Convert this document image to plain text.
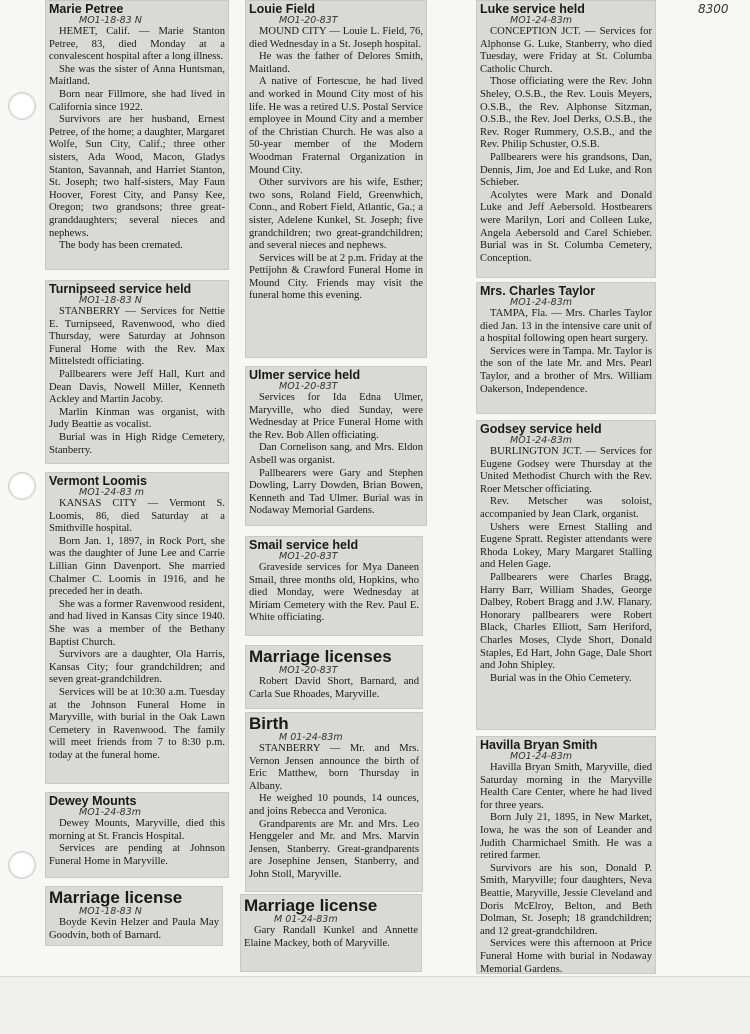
8300
Marie Petree
MO1-18-83 N

HEMET, Calif. — Marie Stanton Petree, 83, died Monday at a convalescent hospital after a long illness.

She was the sister of Anna Huntsman, Maitland.

Born near Fillmore, she had lived in California since 1922.

Survivors are her husband, Ernest Petree, of the home; a daughter, Margaret Wolfe, Sun City, Calif.; three other sisters, Ada Wood, Macon, Gladys Stanton, Savannah, and Harriet Stanton, St. Joseph; two half-sisters, May Faun Hoover, Forest City, and Pansy Kee, Oregon; two grandsons; three great-granddaughters; several nieces and nephews.

The body has been cremated.

Turnipseed service held
MO1-18-83 N

STANBERRY — Services for Nettie E. Turnipseed, Ravenwood, who died Thursday, were Saturday at Johnson Funeral Home with the Rev. Max Mittelstedt officiating.

Pallbearers were Jeff Hall, Kurt and Dean Davis, Nowell Miller, Kenneth Ackley and Martin Jacoby.

Marlin Kinman was organist, with Judy Beattie as vocalist.

Burial was in High Ridge Cemetery, Stanberry.

Vermont Loomis
MO1-24-83 m

KANSAS CITY — Vermont S. Loomis, 86, died Saturday at a Smithville hospital.

Born Jan. 1, 1897, in Rock Port, she was the daughter of June Lee and Carrie Lillian Ginn Davenport. She married Chalmer C. Loomis in 1916, and he preceded her in death.

She was a former Ravenwood resident, and had lived in Kansas City since 1940. She was a member of the Bethany Baptist Church.

Survivors are a daughter, Ola Harris, Kansas City; four grandchildren; and seven great-grandchildren.

Services will be at 10:30 a.m. Tuesday at the Johnson Funeral Home in Maryville, with burial in the Oak Lawn Cemetery in Ravenwood. The family will meet friends from 7 to 8:30 p.m. today at the funeral home.

Dewey Mounts
MO1-24-83m

Dewey Mounts, Maryville, died this morning at St. Francis Hospital.

Services are pending at Johnson Funeral Home in Maryville.

Marriage license
MO1-18-83 N

Boyde Kevin Helzer and Paula May Goodvin, both of Barnard.

Louie Field
MO1-20-83T

MOUND CITY — Louie L. Field, 76, died Wednesday in a St. Joseph hospital.

He was the father of Delores Smith, Maitland.

A native of Fortescue, he had lived and worked in Mound City most of his life. He was a retired U.S. Postal Service employee in Mound City and a member of the Christian Church. He was also a 50-year member of the Modern Woodman Fraternal Organization in Mound City.

Other survivors are his wife, Esther; two sons, Roland Field, Greenwhich, Conn., and Robert Field, Atlantic, Ga.; a sister, Adelene Kunkel, St. Joseph; five grandchildren; two great-grandchildren; and several nieces and nephews.

Services will be at 2 p.m. Friday at the Pettijohn & Crawford Funeral Home in Mound City. Friends may visit the funeral home this evening.

Ulmer service held
MO1-20-83T

Services for Ida Edna Ulmer, Maryville, who died Sunday, were Wednesday at Price Funeral Home with the Rev. Bob Allen officiating.

Dan Cornelison sang, and Mrs. Eldon Asbell was organist.

Pallbearers were Gary and Stephen Dowling, Larry Dowden, Brian Bowen, Kenneth and Tad Ulmer. Burial was in Nodaway Memorial Gardens.

Smail service held
MO1-20-83T

Graveside services for Mya Daneen Smail, three months old, Hopkins, who died Monday, were Wednesday at Miriam Cemetery with the Rev. Paul E. White officiating.

Marriage licenses
MO1-20-83T

Robert David Short, Barnard, and Carla Sue Rhoades, Maryville.

Birth
M 01-24-83m

STANBERRY — Mr. and Mrs. Vernon Jensen announce the birth of Eric Matthew, born Thursday in Albany.

He weighed 10 pounds, 14 ounces, and joins Rebecca and Veronica.

Grandparents are Mr. and Mrs. Leo Henggeler and Mr. and Mrs. Marvin Jensen, Stanberry. Great-grandparents are Josephine Jensen, Stanberry, and John Stoll, Maryville.

Marriage license
M 01-24-83m

Gary Randall Kunkel and Annette Elaine Mackey, both of Maryville.

Luke service held
MO1-24-83m

CONCEPTION JCT. — Services for Alphonse G. Luke, Stanberry, who died Tuesday, were Friday at St. Columba Catholic Church.

Those officiating were the Rev. John Sheley, O.S.B., the Rev. Louis Meyers, O.S.B., the Rev. Alphonse Sitzman, O.S.B., the Rev. Joel Derks, O.S.B., the Rev. Roger Rummery, O.S.B., and the Rev. Philip Schuster, O.S.B.

Pallbearers were his grandsons, Dan, Dennis, Jim, Joe and Ed Luke, and Ron Schieber.

Acolytes were Mark and Donald Luke and Jeff Aebersold. Hostbearers were Marilyn, Lori and Colleen Luke, Angela Aebersold and Carel Schieber. Burial was in St. Columba Cemetery, Conception.

Mrs. Charles Taylor
MO1-24-83m

TAMPA, Fla. — Mrs. Charles Taylor died Jan. 13 in the intensive care unit of a hospital following open heart surgery.

Services were in Tampa. Mr. Taylor is the son of the late Mr. and Mrs. Pearl Taylor, and a brother of Mrs. William Oakerson, Independence.

Godsey service held
MO1-24-83m

BURLINGTON JCT. — Services for Eugene Godsey were Thursday at the United Methodist Church with the Rev. Roer Metscher officiating.

Rev. Metscher was soloist, accompanied by Jean Clark, organist.

Ushers were Ernest Stalling and Eugene Spratt. Register attendants were Rhoda Lokey, Mary Margaret Stalling and Helen Gage.

Pallbearers were Charles Bragg, Harry Barr, William Shades, George Dalbey, Robert Bragg and J.W. Flanary. Honorary pallbearers were Robert Black, Charles Elliott, Sam Heriford, Charles Moses, Clyde Short, Donald Staples, Ed Hart, John Gage, Dale Short and John Shipley.

Burial was in the Ohio Cemetery.

Havilla Bryan Smith
MO1-24-83m

Havilla Bryan Smith, Maryville, died Saturday morning in the Maryville Health Care Center, where he had lived for three years.

Born July 21, 1895, in New Market, Iowa, he was the son of Leander and Judith Charmichael Smith. He was a retired farmer.

Survivors are his son, Donald P. Smith, Maryville; four daughters, Neva Beattie, Maryville, Jessie Cleveland and Doris McElroy, Belton, and Beth Dolman, St. Joseph; 18 grandchildren; and 12 great-grandchildren.

Services were this afternoon at Price Funeral Home with burial in Nodaway Memorial Gardens.
